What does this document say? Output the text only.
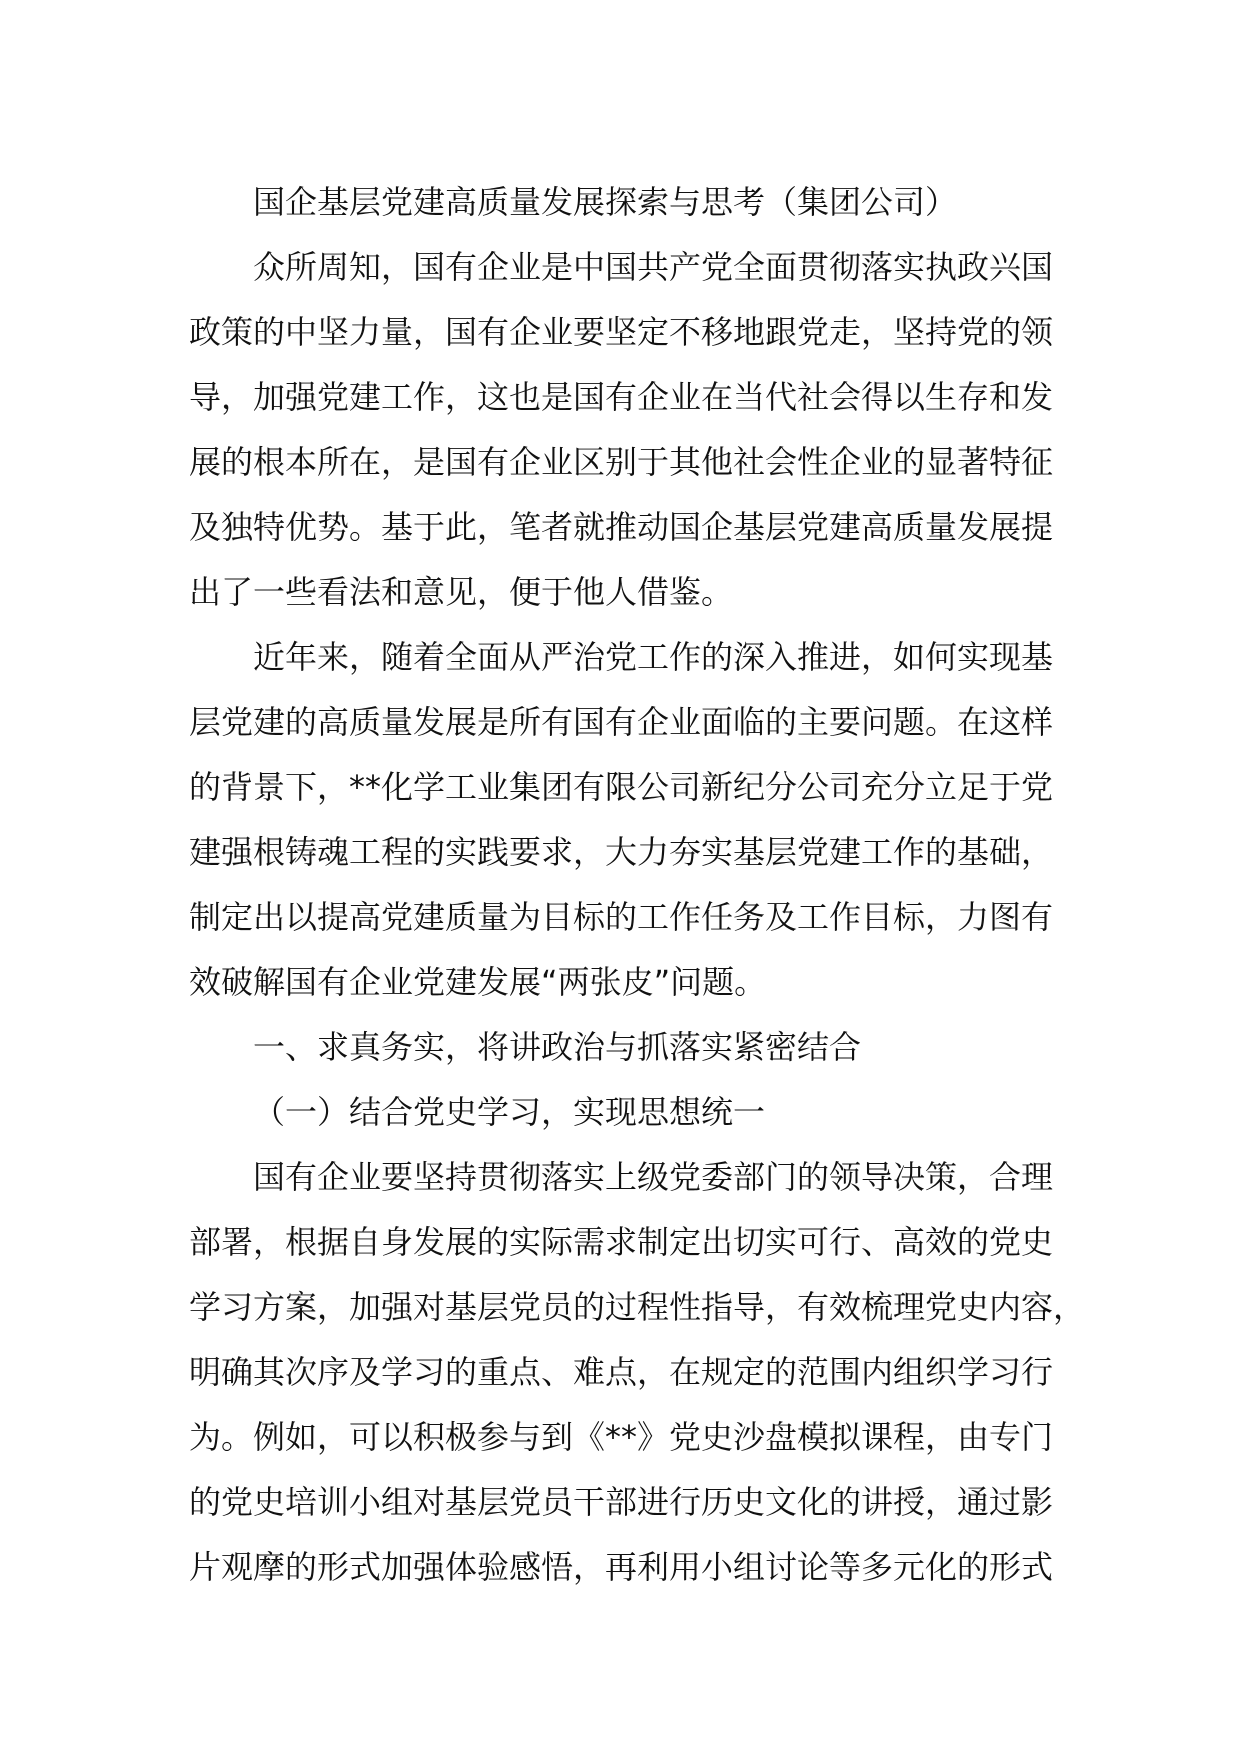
国企基层党建高质量发展探索与思考（集团公司）
众所周知，国有企业是中国共产党全面贯彻落实执政兴国
政策的中坚力量，国有企业要坚定不移地跟党走，坚持党的领
导，加强党建工作，这也是国有企业在当代社会得以生存和发
展的根本所在，是国有企业区别于其他社会性企业的显著特征
及独特优势。基于此，笔者就推动国企基层党建高质量发展提
出了一些看法和意见，便于他人借鉴。
近年来，随着全面从严治党工作的深入推进，如何实现基
层党建的高质量发展是所有国有企业面临的主要问题。在这样
的背景下，**化学工业集团有限公司新纪分公司充分立足于党
建强根铸魂工程的实践要求，大力夯实基层党建工作的基础，
制定出以提高党建质量为目标的工作任务及工作目标，力图有
效破解国有企业党建发展“两张皮”问题。
一、求真务实，将讲政治与抓落实紧密结合
（一）结合党史学习，实现思想统一
国有企业要坚持贯彻落实上级党委部门的领导决策，合理
部署，根据自身发展的实际需求制定出切实可行、高效的党史
学习方案，加强对基层党员的过程性指导，有效梳理党史内容，
明确其次序及学习的重点、难点，在规定的范围内组织学习行
为。例如，可以积极参与到《**》党史沙盘模拟课程，由专门
的党史培训小组对基层党员干部进行历史文化的讲授，通过影
片观摩的形式加强体验感悟，再利用小组讨论等多元化的形式
